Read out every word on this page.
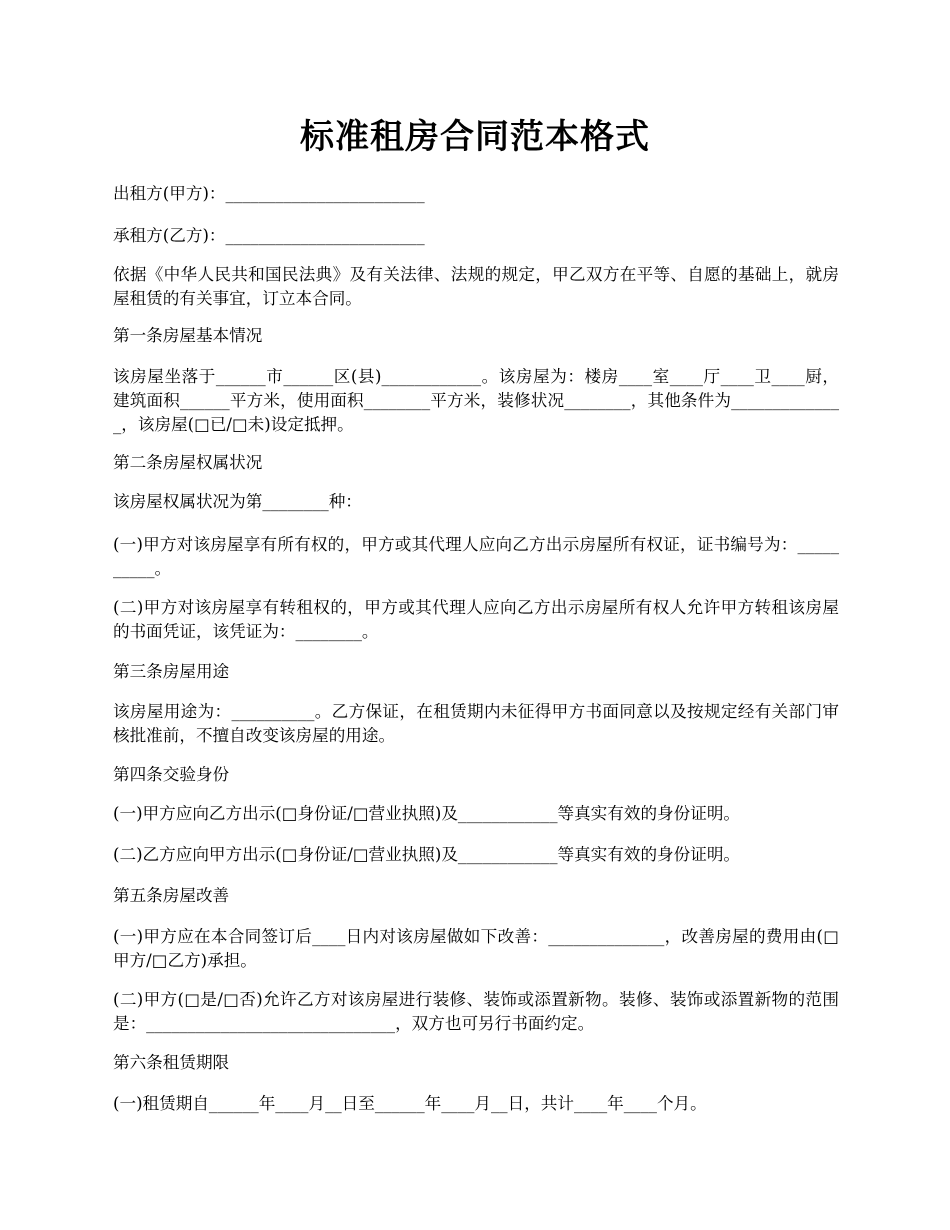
标准租房合同范本格式

出租方(甲方)：________________________

承租方(乙方)：________________________

依据《中华人民共和国民法典》及有关法律、法规的规定，甲乙双方在平等、自愿的基础上，就房屋租赁的有关事宜，订立本合同。

第一条房屋基本情况

该房屋坐落于______市______区(县)____________。该房屋为：楼房____室____厅____卫____厨，建筑面积______平方米，使用面积________平方米，装修状况________，其他条件为______________，该房屋(□已/□未)设定抵押。

第二条房屋权属状况

该房屋权属状况为第________种：

(一)甲方对该房屋享有所有权的，甲方或其代理人应向乙方出示房屋所有权证，证书编号为：__________。

(二)甲方对该房屋享有转租权的，甲方或其代理人应向乙方出示房屋所有权人允许甲方转租该房屋的书面凭证，该凭证为：________。

第三条房屋用途

该房屋用途为：__________。乙方保证，在租赁期内未征得甲方书面同意以及按规定经有关部门审核批准前，不擅自改变该房屋的用途。

第四条交验身份

(一)甲方应向乙方出示(□身份证/□营业执照)及____________等真实有效的身份证明。

(二)乙方应向甲方出示(□身份证/□营业执照)及____________等真实有效的身份证明。

第五条房屋改善

(一)甲方应在本合同签订后____日内对该房屋做如下改善：______________，改善房屋的费用由(□甲方/□乙方)承担。

(二)甲方(□是/□否)允许乙方对该房屋进行装修、装饰或添置新物。装修、装饰或添置新物的范围是：______________________________，双方也可另行书面约定。

第六条租赁期限

(一)租赁期自______年____月__日至______年____月__日，共计____年____个月。
